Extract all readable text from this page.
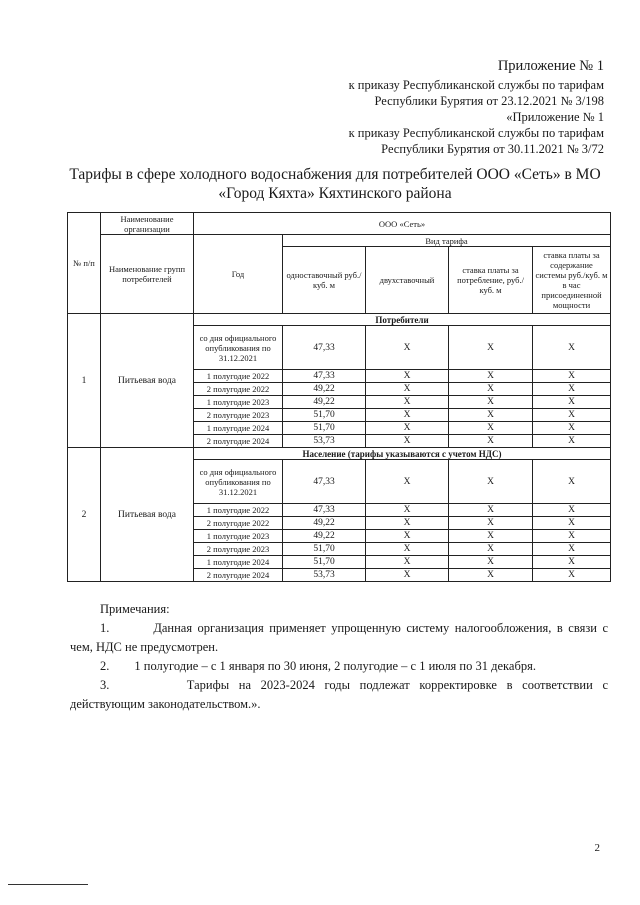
Приложение № 1
к приказу Республиканской службы по тарифам
Республики Бурятия от 23.12.2021 № 3/198
«Приложение № 1
к приказу Республиканской службы по тарифам
Республики Бурятия от 30.11.2021 № 3/72
Тарифы в сфере холодного водоснабжения для потребителей ООО «Сеть» в МО
«Город Кяхта» Кяхтинского района
№ п/п	Наименование организации	ООО «Сеть»				
	Наименование групп потребителей	Год	Вид тарифа			
			одноставочный руб./ куб. м	двухставочный	ставка платы за потребление, руб./ куб. м	ставка платы за содержание системы руб./куб. м в час присоединенной мощности
1	Питьевая вода	Потребители				
		со дня официального опубликования по 31.12.2021	47,33	X	X	X
		1 полугодие 2022	47,33	X	X	X
		2 полугодие 2022	49,22	X	X	X
		1 полугодие 2023	49,22	X	X	X
		2 полугодие 2023	51,70	X	X	X
		1 полугодие 2024	51,70	X	X	X
		2 полугодие 2024	53,73	X	X	X
2	Питьевая вода	Население (тарифы указываются с учетом НДС)				
		со дня официального опубликования по 31.12.2021	47,33	X	X	X
		1 полугодие 2022	47,33	X	X	X
		2 полугодие 2022	49,22	X	X	X
		1 полугодие 2023	49,22	X	X	X
		2 полугодие 2023	51,70	X	X	X
		1 полугодие 2024	51,70	X	X	X
		2 полугодие 2024	53,73	X	X	X

Примечания:

1.	Данная организация применяет упрощенную систему налогообложения, в связи с

чем, НДС не предусмотрен.

2. 1 полугодие – с 1 января по 30 июня, 2 полугодие – с 1 июля по 31 декабря.

3.	Тарифы на 2023-2024 годы подлежат корректировке в соответствии с

действующим законодательством.».

2
